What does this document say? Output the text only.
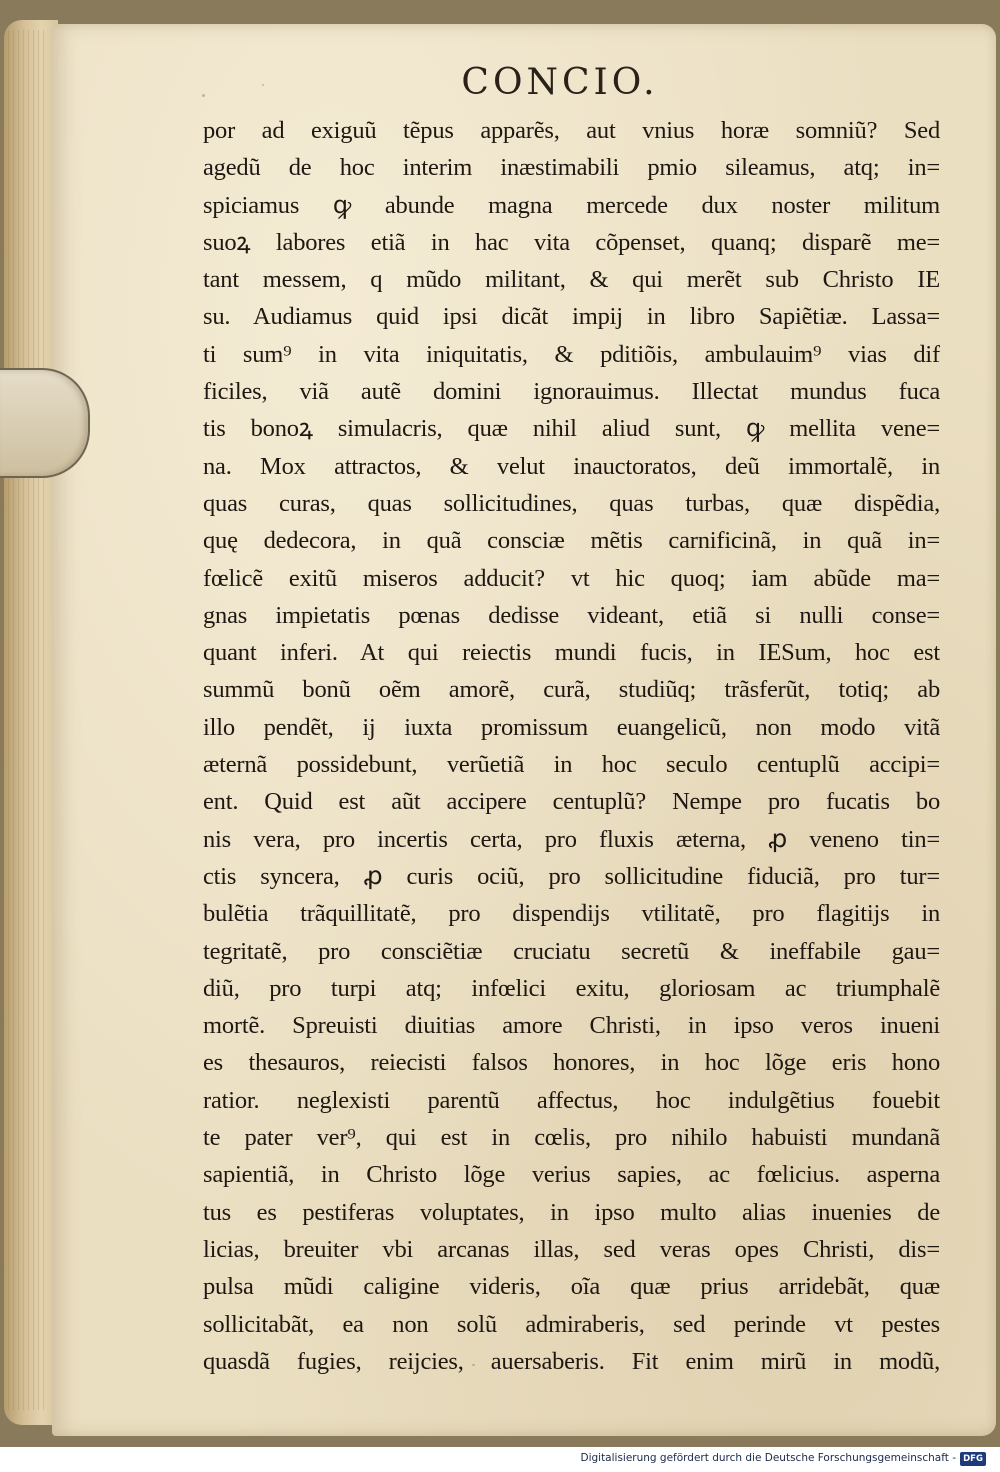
CONCIO.
por ad exiguũ tẽpus apparẽs, aut vnius horæ somniũ? Sed
agedũ de hoc interim inæstimabili pmio sileamus, atq; in=
spiciamus ꝙ abunde magna mercede dux noster militum
suoꝝ labores etiã in hac vita cõpenset, quanq; disparẽ me=
tant messem, q mũdo militant, & qui merẽt sub Christo IE
su. Audiamus quid ipsi dicãt impij in libro Sapiẽtiæ. Lassa=
ti sum⁹ in vita iniquitatis, & pditiõis, ambulauim⁹ vias dif
ficiles, viã autẽ domini ignorauimus. Illectat mundus fuca
tis bonoꝝ simulacris, quæ nihil aliud sunt, ꝙ mellita vene=
na. Mox attractos, & velut inauctoratos, deũ immortalẽ, in
quas curas, quas sollicitudines, quas turbas, quæ dispẽdia,
quę dedecora, in quã consciæ mẽtis carnificinã, in quã in=
fœlicẽ exitũ miseros adducit? vt hic quoq; iam abũde ma=
gnas impietatis pœnas dedisse videant, etiã si nulli conse=
quant inferi. At qui reiectis mundi fucis, in IESum, hoc est
summũ bonũ oẽm amorẽ, curã, studiũq; trãsferũt, totiq; ab
illo pendẽt, ij iuxta promissum euangelicũ, non modo vitã
æternã possidebunt, verũetiã in hoc seculo centuplũ accipi=
ent. Quid est aũt accipere centuplũ? Nempe pro fucatis bo
nis vera, pro incertis certa, pro fluxis æterna, ꝓ veneno tin=
ctis syncera, ꝓ curis ociũ, pro sollicitudine fiduciã, pro tur=
bulẽtia trãquillitatẽ, pro dispendijs vtilitatẽ, pro flagitijs in
tegritatẽ, pro consciẽtiæ cruciatu secretũ & ineffabile gau=
diũ, pro turpi atq; infœlici exitu, gloriosam ac triumphalẽ
mortẽ. Spreuisti diuitias amore Christi, in ipso veros inueni
es thesauros, reiecisti falsos honores, in hoc lõge eris hono
ratior. neglexisti parentũ affectus, hoc indulgẽtius fouebit
te pater ver⁹, qui est in cœlis, pro nihilo habuisti mundanã
sapientiã, in Christo lõge verius sapies, ac fœlicius. asperna
tus es pestiferas voluptates, in ipso multo alias inuenies de
licias, breuiter vbi arcanas illas, sed veras opes Christi, dis=
pulsa mũdi caligine videris, oĩa quæ prius arridebãt, quæ
sollicitabãt, ea non solũ admiraberis, sed perinde vt pestes
quasdã fugies, reijcies, auersaberis. Fit enim mirũ in modũ,
Digitalisierung gefördert durch die Deutsche Forschungsgemeinschaft - DFG
